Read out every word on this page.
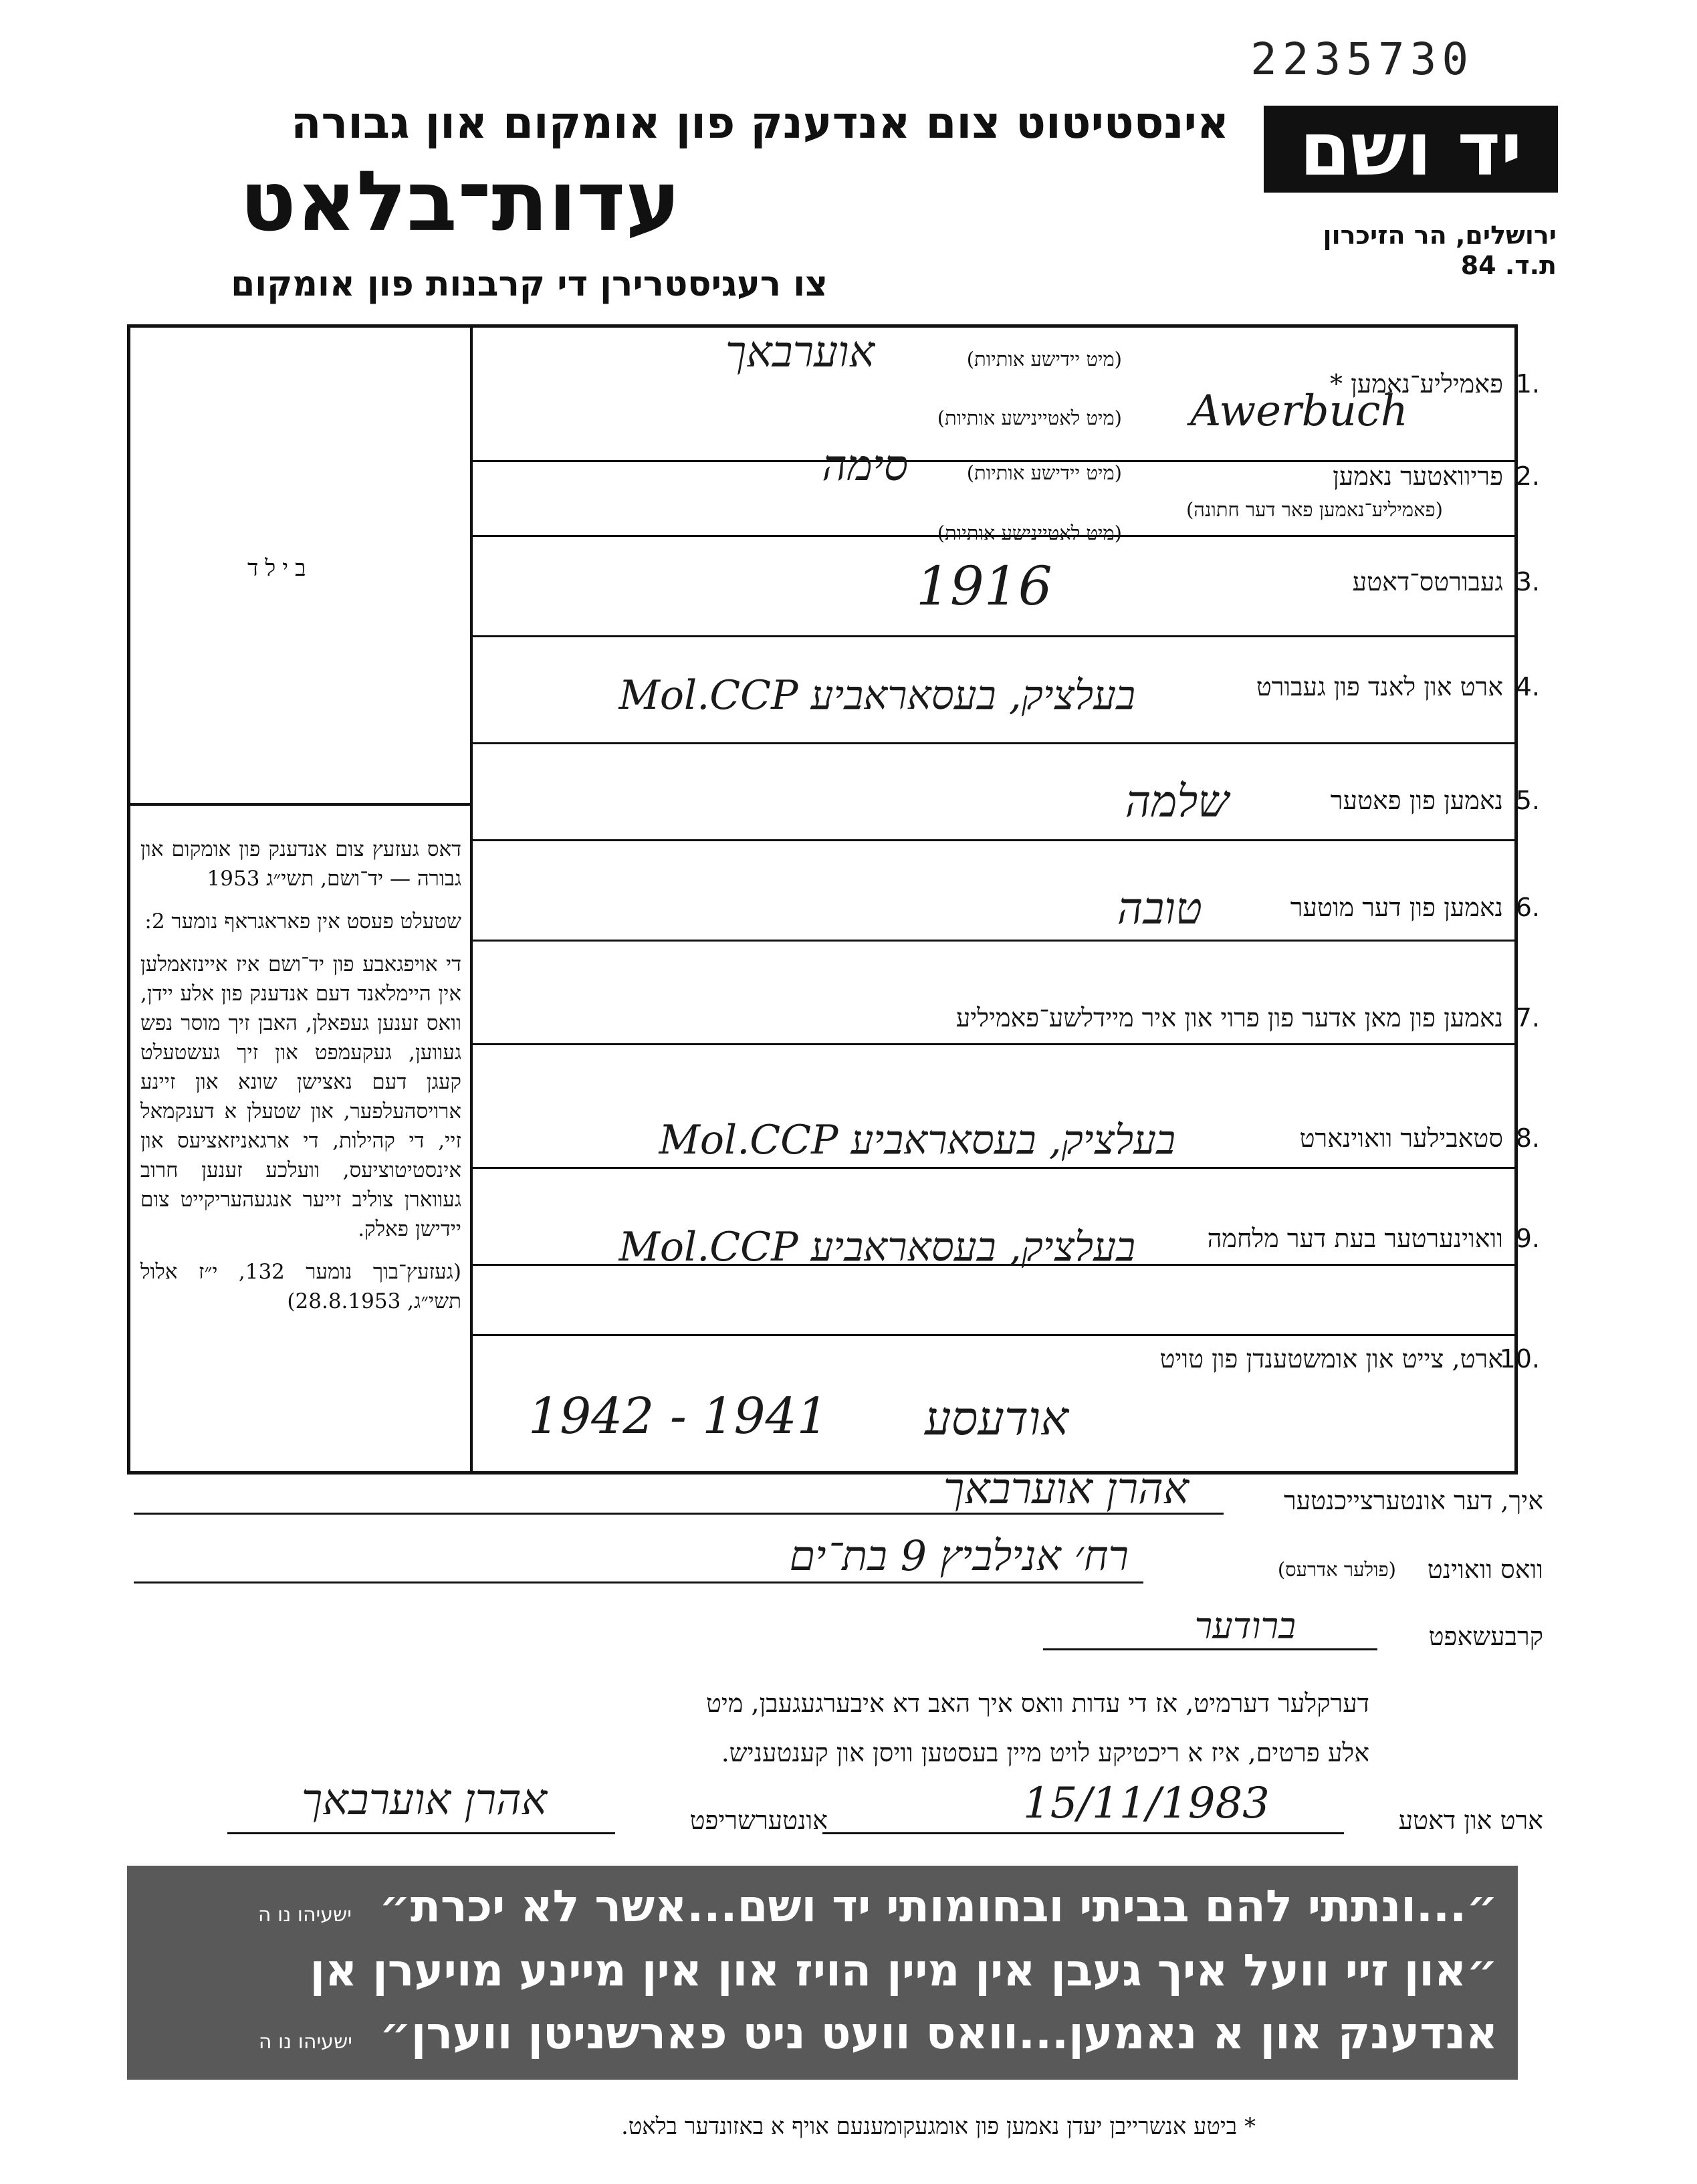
2235730
יד ושם
ירושלים, הר הזיכרון
ת.ד. 84
אינסטיטוט צום אנדענק פון אומקום און גבורה
עדות־בלאט
צו רעגיסטרירן די קרבנות פון אומקום
בילד
1.
פאמיליע־נאמען *
(מיט יידישע אותיות)
(מיט לאטיינישע אותיות)
אוערבאך
Awerbuch
2.
פריוואטער נאמען
(מיט יידישע אותיות)
(פאמיליע־נאמען פאר דער חתונה)
(מיט לאטיינישע אותיות)
סימה
3.
געבורטס־דאטע
1916
4.
ארט און לאנד פון געבורט
בעלציק, בעסאראביע Mol.CCP
5.
נאמען פון פאטער
שלמה
6.
נאמען פון דער מוטער
טובה
7.
נאמען פון מאן אדער פון פרוי און איר מיידלשע־פאמיליע
8.
סטאבילער וואוינארט
בעלציק, בעסאראביע Mol.CCP
9.
וואוינערטער בעת דער מלחמה
בעלציק, בעסאראביע Mol.CCP
10.
ארט, צייט און אומשטענדן פון טויט
אודעסע
1942 - 1941

דאס געזעץ צום אנדענק פון אומקום און גבורה — יד־ושם, תשי״ג 1953

שטעלט פעסט אין פאראגראף נומער 2:

די אויפגאבע פון יד־ושם איז איינזאמלען אין היימלאנד דעם אנדענק פון אלע יידן, וואס זענען געפאלן, האבן זיך מוסר נפש געווען, געקעמפט און זיך געשטעלט קעגן דעם נאצישן שונא און זיינע ארויסהעלפער, און שטעלן א דענקמאל זיי, די קהילות, די ארגאניזאציעס און אינסטיטוציעס, וועלכע זענען חרוב געווארן צוליב זייער אנגעהעריקייט צום יידישן פאלק.

(געזעץ־בוך נומער 132, י״ז אלול תשי״ג, 28.8.1953)

איך, דער אונטערצייכנטער
אהרן אוערבאך
וואס וואוינט
(פולער אדרעס)
רח׳ אנילביץ 9 בת־ים
קרבעשאפט
ברודער
דערקלער דערמיט, אז די עדות וואס איך האב דא איבערגעגעבן, מיט
אלע פרטים, איז א ריכטיקע לויט מיין בעסטען וויסן און קענטעניש.
ארט און דאטע
15/11/1983
אונטערשריפט
אהרן אוערבאך
״...ונתתי להם בביתי ובחומותי יד ושם...אשר לא יכרת״ ישעיהו נו ה
״און זיי וועל איך געבן אין מיין הויז און אין מיינע מויערן אן
אנדענק און א נאמען...וואס וועט ניט פארשניטן ווערן״ ישעיהו נו ה
* ביטע אנשרייבן יעדן נאמען פון אומגעקומענעם אויף א באזונדער בלאט.
